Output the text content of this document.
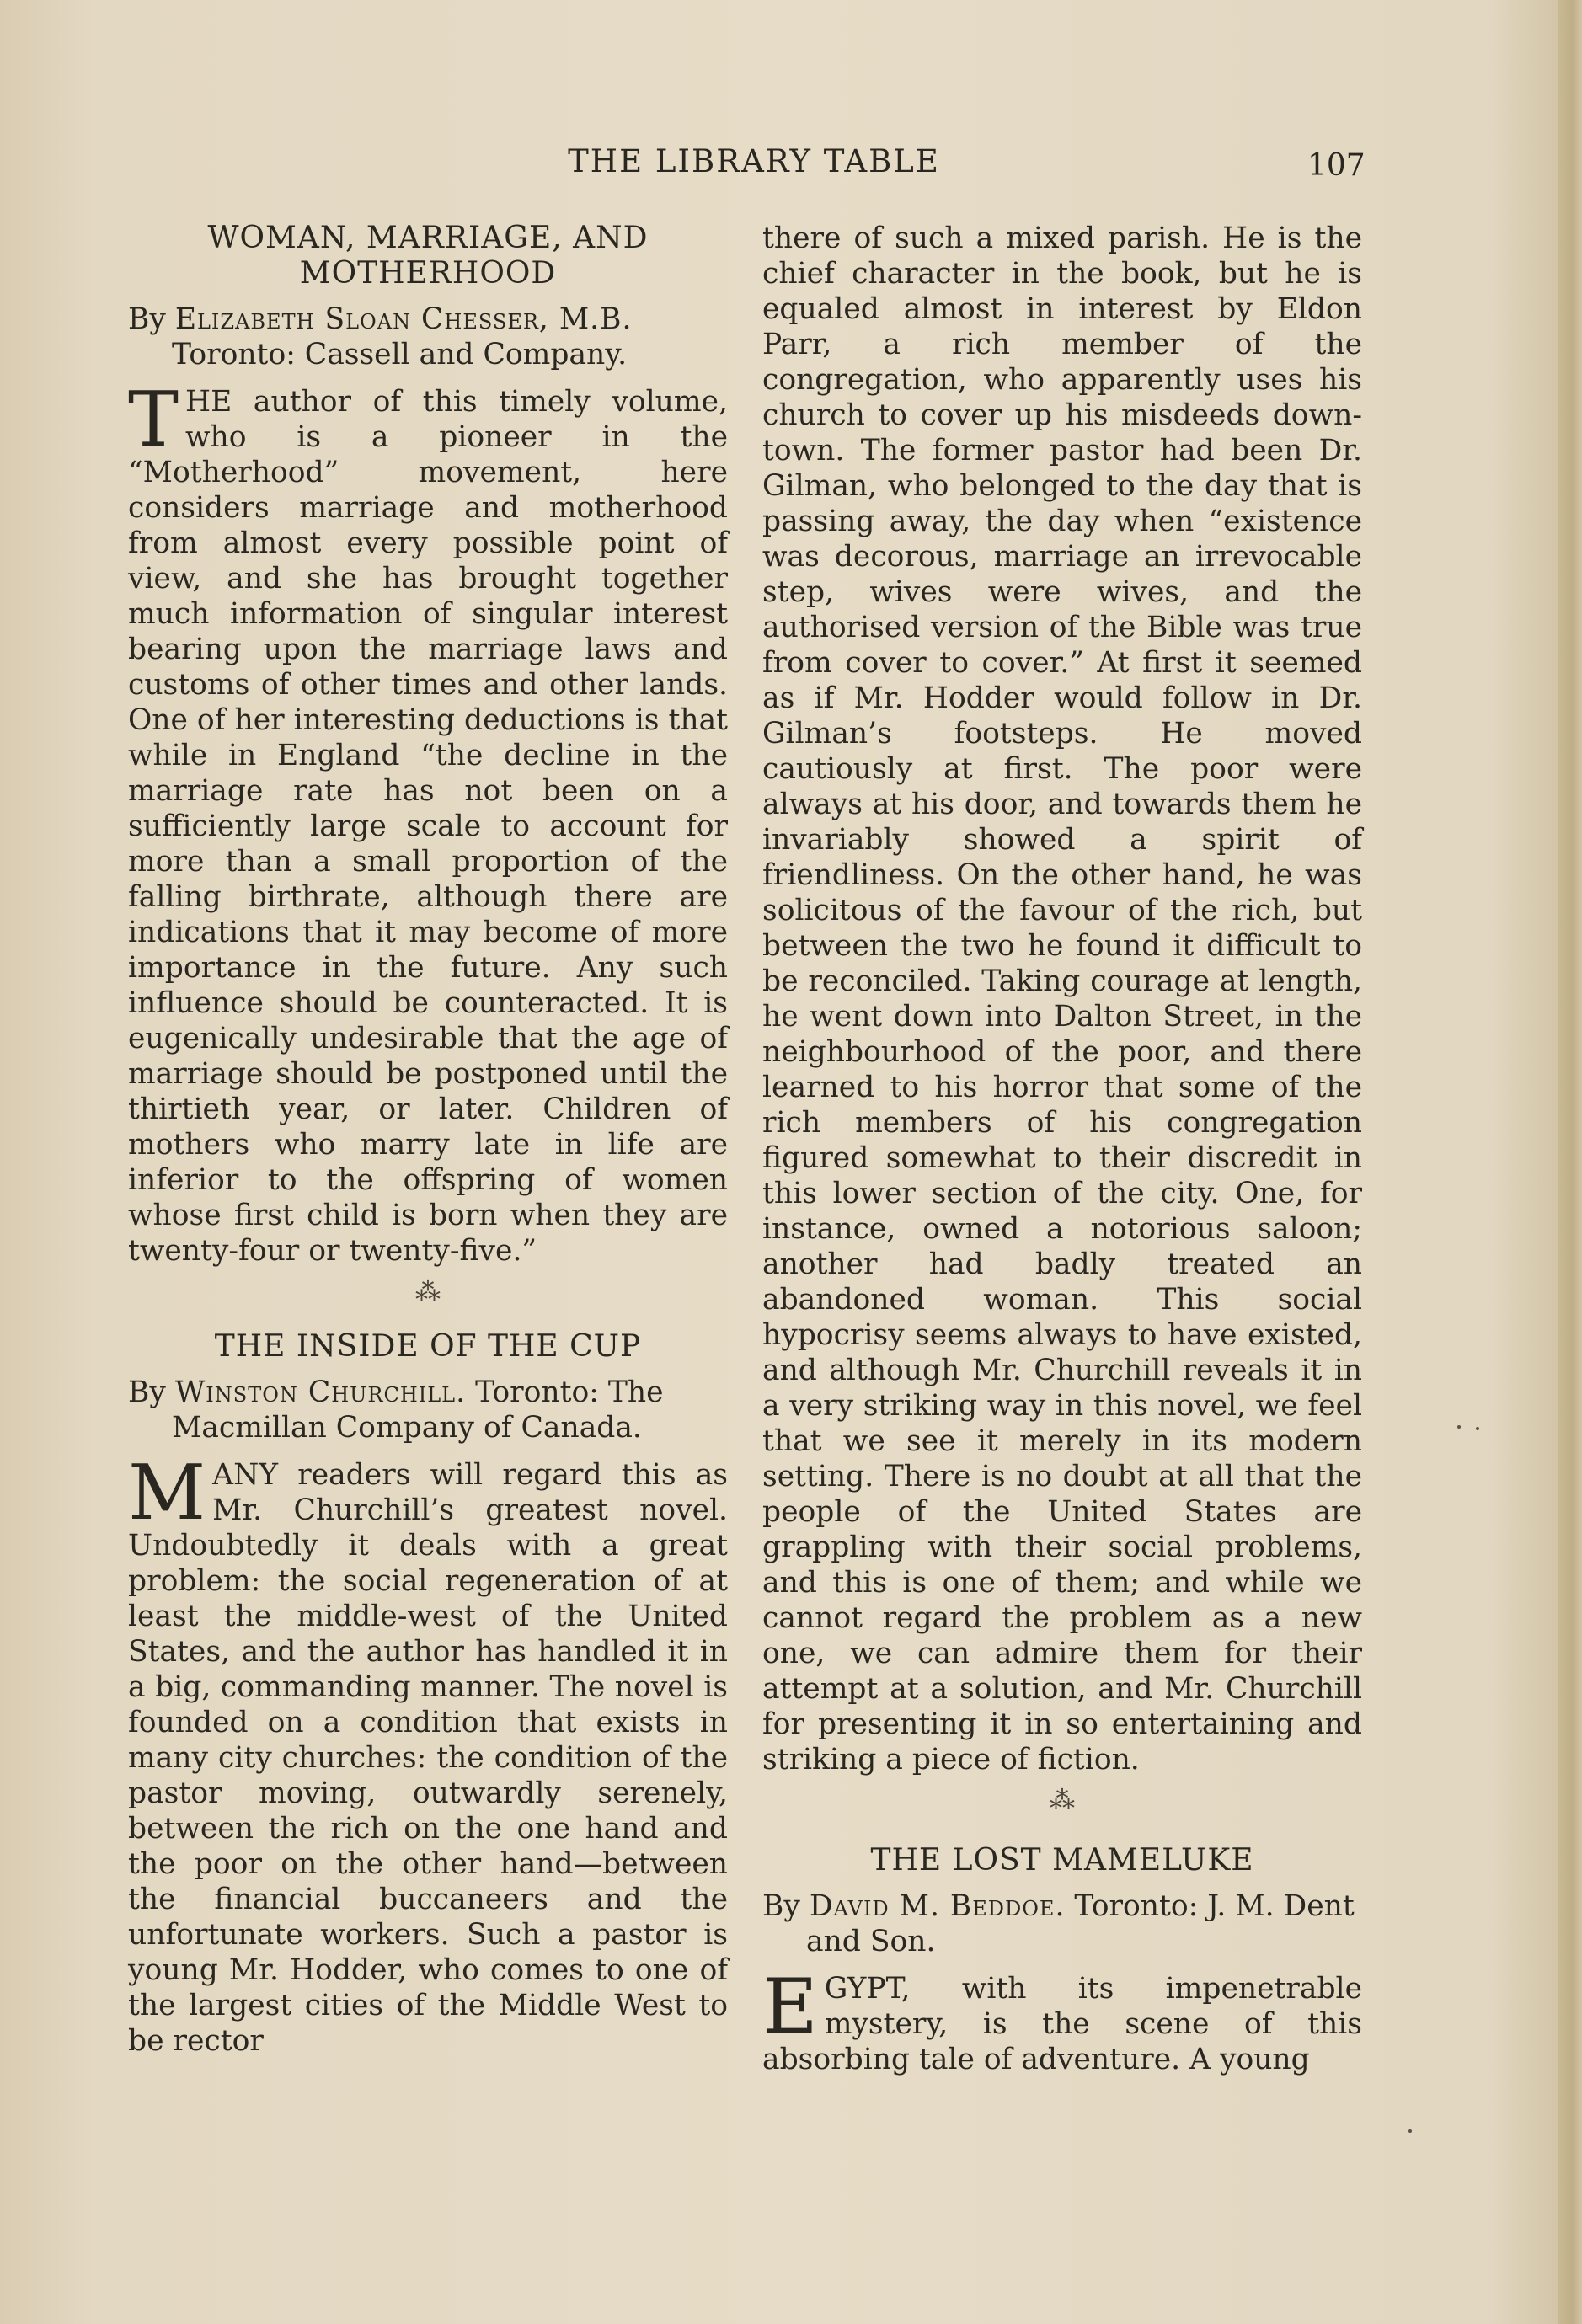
THE LIBRARY TABLE	107
WOMAN, MARRIAGE, AND MOTHERHOOD
By Elizabeth Sloan Chesser, M.B. Toronto: Cassell and Company.

THE author of this timely volume, who is a pioneer in the “Motherhood” movement, here considers marriage and motherhood from almost every possible point of view, and she has brought together much information of singular interest bearing upon the marriage laws and customs of other times and other lands. One of her interesting deductions is that while in England “the decline in the marriage rate has not been on a sufficiently large scale to account for more than a small proportion of the falling birthrate, although there are indications that it may become of more importance in the future. Any such influence should be counteracted. It is eugenically undesirable that the age of marriage should be postponed until the thirtieth year, or later. Children of mothers who marry late in life are inferior to the offspring of women whose first child is born when they are twenty-four or twenty-five.”

⁂
THE INSIDE OF THE CUP
By Winston Churchill. Toronto: The Macmillan Company of Canada.

MANY readers will regard this as Mr. Churchill’s greatest novel. Undoubtedly it deals with a great problem: the social regeneration of at least the middle-west of the United States, and the author has handled it in a big, commanding manner. The novel is founded on a condition that exists in many city churches: the condition of the pastor moving, outwardly serenely, between the rich on the one hand and the poor on the other hand—between the financial buccaneers and the unfortunate workers. Such a pastor is young Mr. Hodder, who comes to one of the largest cities of the Middle West to be rector

there of such a mixed parish. He is the chief character in the book, but he is equaled almost in interest by Eldon Parr, a rich member of the congregation, who apparently uses his church to cover up his misdeeds down-town. The former pastor had been Dr. Gilman, who belonged to the day that is passing away, the day when “existence was decorous, marriage an irrevocable step, wives were wives, and the authorised version of the Bible was true from cover to cover.” At first it seemed as if Mr. Hodder would follow in Dr. Gilman’s footsteps. He moved cautiously at first. The poor were always at his door, and towards them he invariably showed a spirit of friendliness. On the other hand, he was solicitous of the favour of the rich, but between the two he found it difficult to be reconciled. Taking courage at length, he went down into Dalton Street, in the neighbourhood of the poor, and there learned to his horror that some of the rich members of his congregation figured somewhat to their discredit in this lower section of the city. One, for instance, owned a notorious saloon; another had badly treated an abandoned woman. This social hypocrisy seems always to have existed, and although Mr. Churchill reveals it in a very striking way in this novel, we feel that we see it merely in its modern setting. There is no doubt at all that the people of the United States are grappling with their social problems, and this is one of them; and while we cannot regard the problem as a new one, we can admire them for their attempt at a solution, and Mr. Churchill for presenting it in so entertaining and striking a piece of fiction.

⁂
THE LOST MAMELUKE
By David M. Beddoe. Toronto: J. M. Dent and Son.

EGYPT, with its impenetrable mystery, is the scene of this absorbing tale of adventure. A young
